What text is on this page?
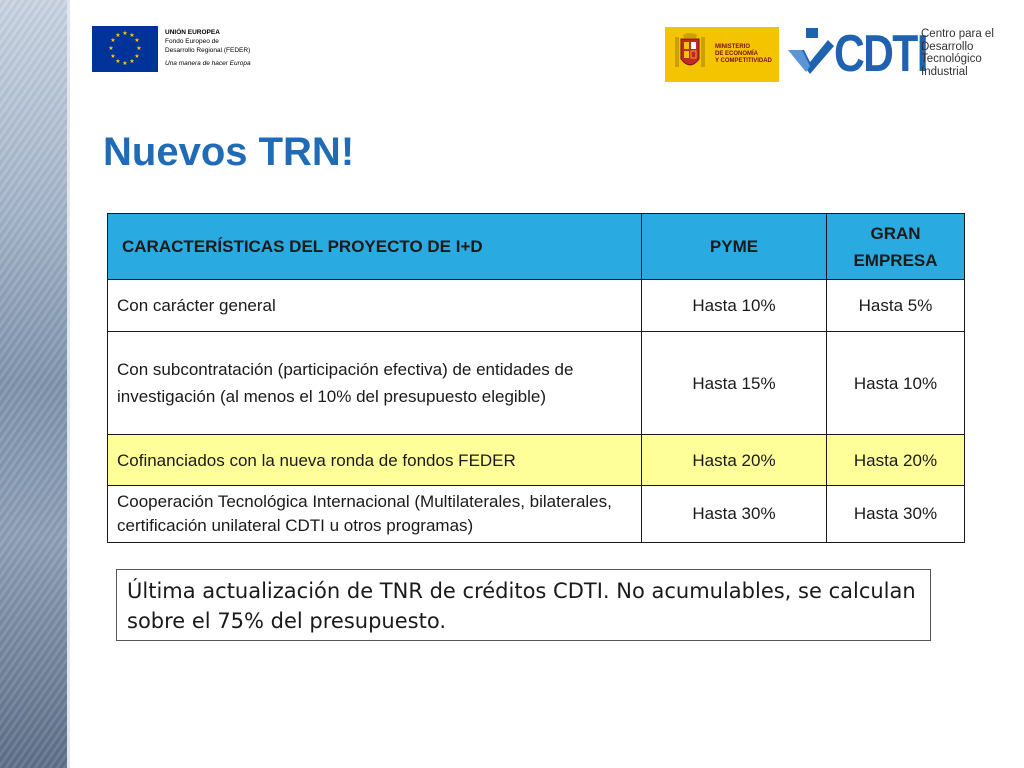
★ ★
★
★
★
★
★
★
★
★
★
★	UNIÓN EUROPEA
Fondo Europeo de
Desarrollo Regional (FEDER)
Una manera de hacer Europa
MINISTERIO
DE ECONOMÍA
Y COMPETITIVIDAD CDTI
Centro para el
Desarrollo
Tecnológico
Industrial
Nuevos TRN!
CARACTERÍSTICAS DEL PROYECTO DE I+D	PYME	GRAN EMPRESA
Con carácter general	Hasta 10%	Hasta 5%
Con subcontratación (participación efectiva) de entidades de investigación (al menos el 10% del presupuesto elegible)	Hasta 15%	Hasta 10%
Cofinanciados con la nueva ronda de fondos FEDER	Hasta 20%	Hasta 20%
Cooperación Tecnológica Internacional (Multilaterales, bilaterales, certificación unilateral CDTI u otros programas)	Hasta 30%	Hasta 30%
Última actualización de TNR de créditos CDTI. No acumulables, se calculan sobre el 75% del presupuesto.
